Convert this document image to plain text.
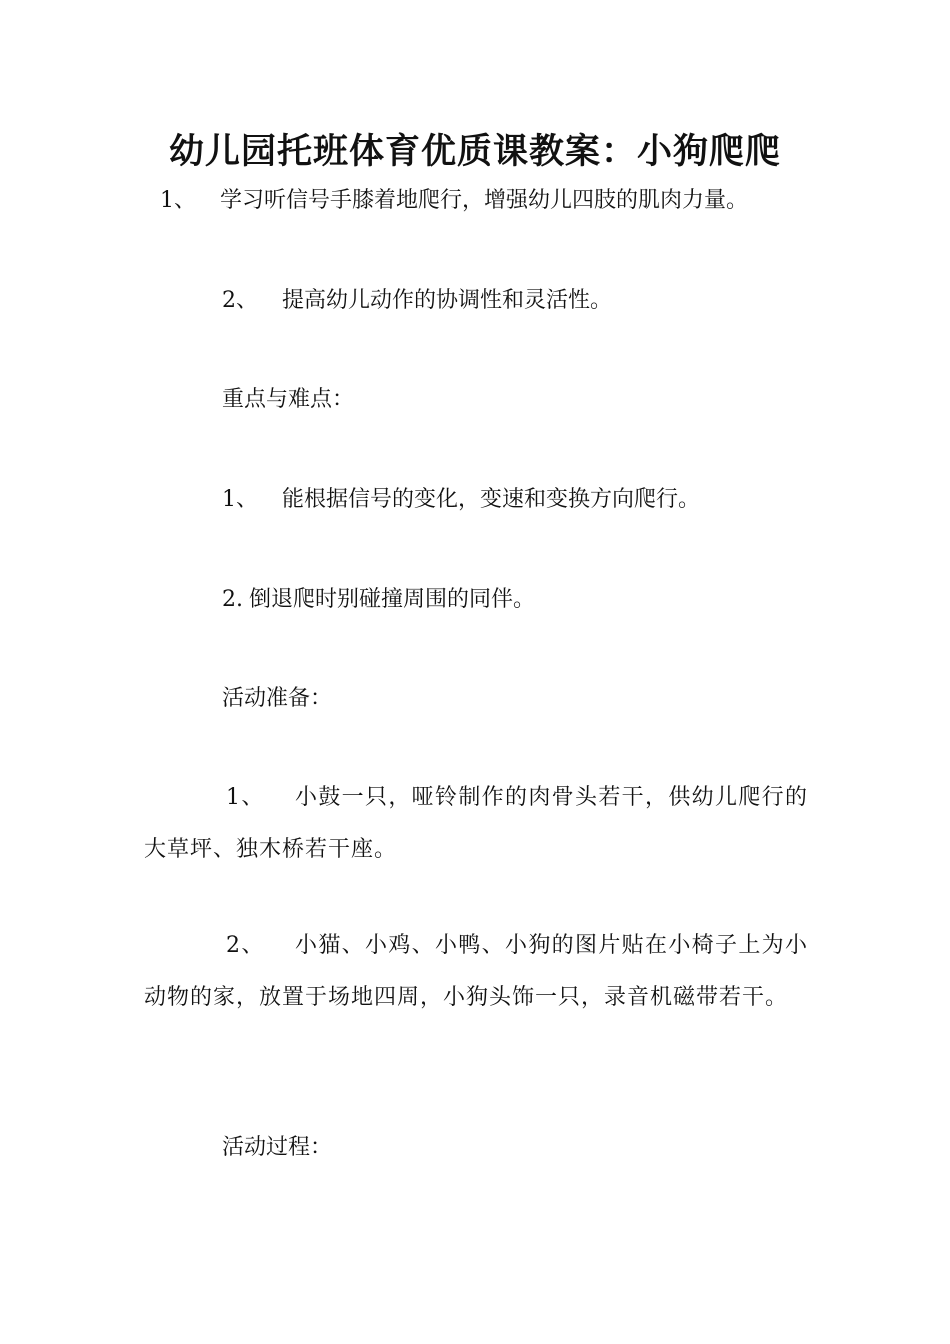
幼儿园托班体育优质课教案：小狗爬爬
1、 学习听信号手膝着地爬行，增强幼儿四肢的肌肉力量。
2、 提高幼儿动作的协调性和灵活性。
重点与难点：
1、 能根据信号的变化，变速和变换方向爬行。
2. 倒退爬时别碰撞周围的同伴。
活动准备：
1、 小鼓一只，哑铃制作的肉骨头若干，供幼儿爬行的大草坪、独木桥若干座。
2、 小猫、小鸡、小鸭、小狗的图片贴在小椅子上为小动物的家，放置于场地四周，小狗头饰一只，录音机磁带若干。
活动过程：
